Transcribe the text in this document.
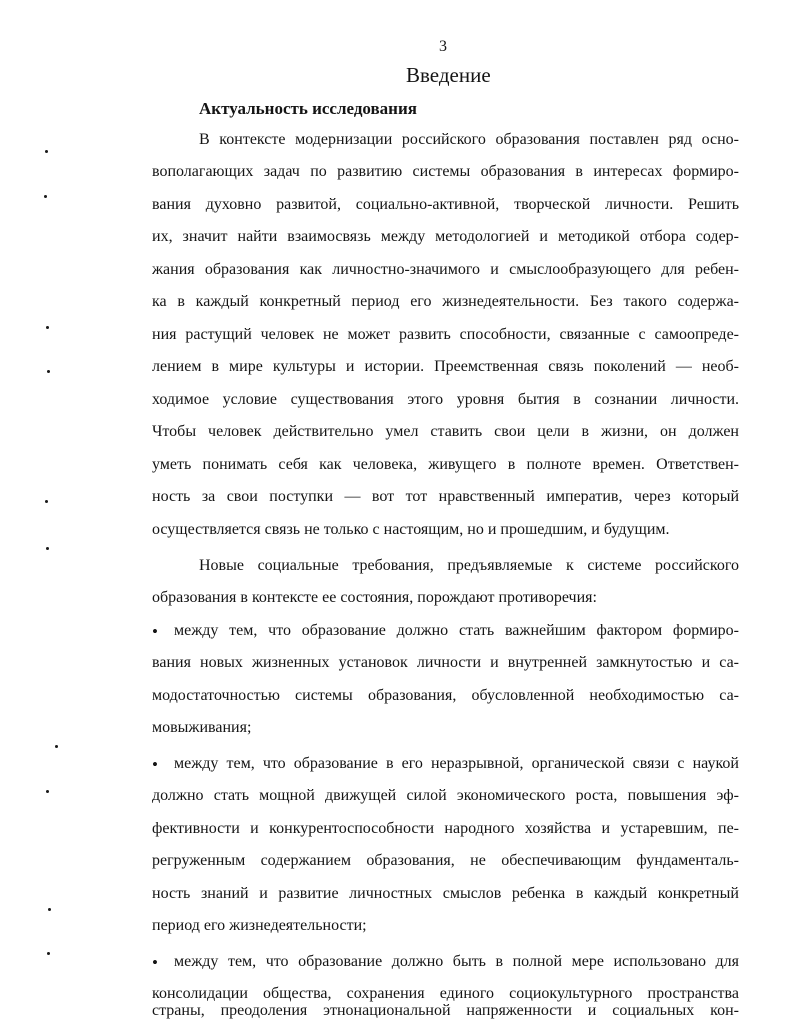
3
Введение
Актуальность исследования
В контексте модернизации российского образования поставлен ряд осно-
вополагающих задач по развитию системы образования в интересах формиро-
вания духовно развитой, социально-активной, творческой личности. Решить
их, значит найти взаимосвязь между методологией и методикой отбора содер-
жания образования как личностно-значимого и смыслообразующего для ребен-
ка в каждый конкретный период его жизнедеятельности. Без такого содержа-
ния растущий человек не может развить способности, связанные с самоопреде-
лением в мире культуры и истории. Преемственная связь поколений — необ-
ходимое условие существования этого уровня бытия в сознании личности.
Чтобы человек действительно умел ставить свои цели в жизни, он должен
уметь понимать себя как человека, живущего в полноте времен. Ответствен-
ность за свои поступки — вот тот нравственный императив, через который
осуществляется связь не только с настоящим, но и прошедшим, и будущим.
Новые социальные требования, предъявляемые к системе российского
образования в контексте ее состояния, порождают противоречия:
• между тем, что образование должно стать важнейшим фактором формиро-
вания новых жизненных установок личности и внутренней замкнутостью и са-
модостаточностью системы образования, обусловленной необходимостью са-
мовыживания;
• между тем, что образование в его неразрывной, органической связи с наукой
должно стать мощной движущей силой экономического роста, повышения эф-
фективности и конкурентоспособности народного хозяйства и устаревшим, пе-
регруженным содержанием образования, не обеспечивающим фундаменталь-
ность знаний и развитие личностных смыслов ребенка в каждый конкретный
период его жизнедеятельности;
• между тем, что образование должно быть в полной мере использовано для
консолидации общества, сохранения единого социокультурного пространства
страны, преодоления этнонациональной напряженности и социальных кон-
